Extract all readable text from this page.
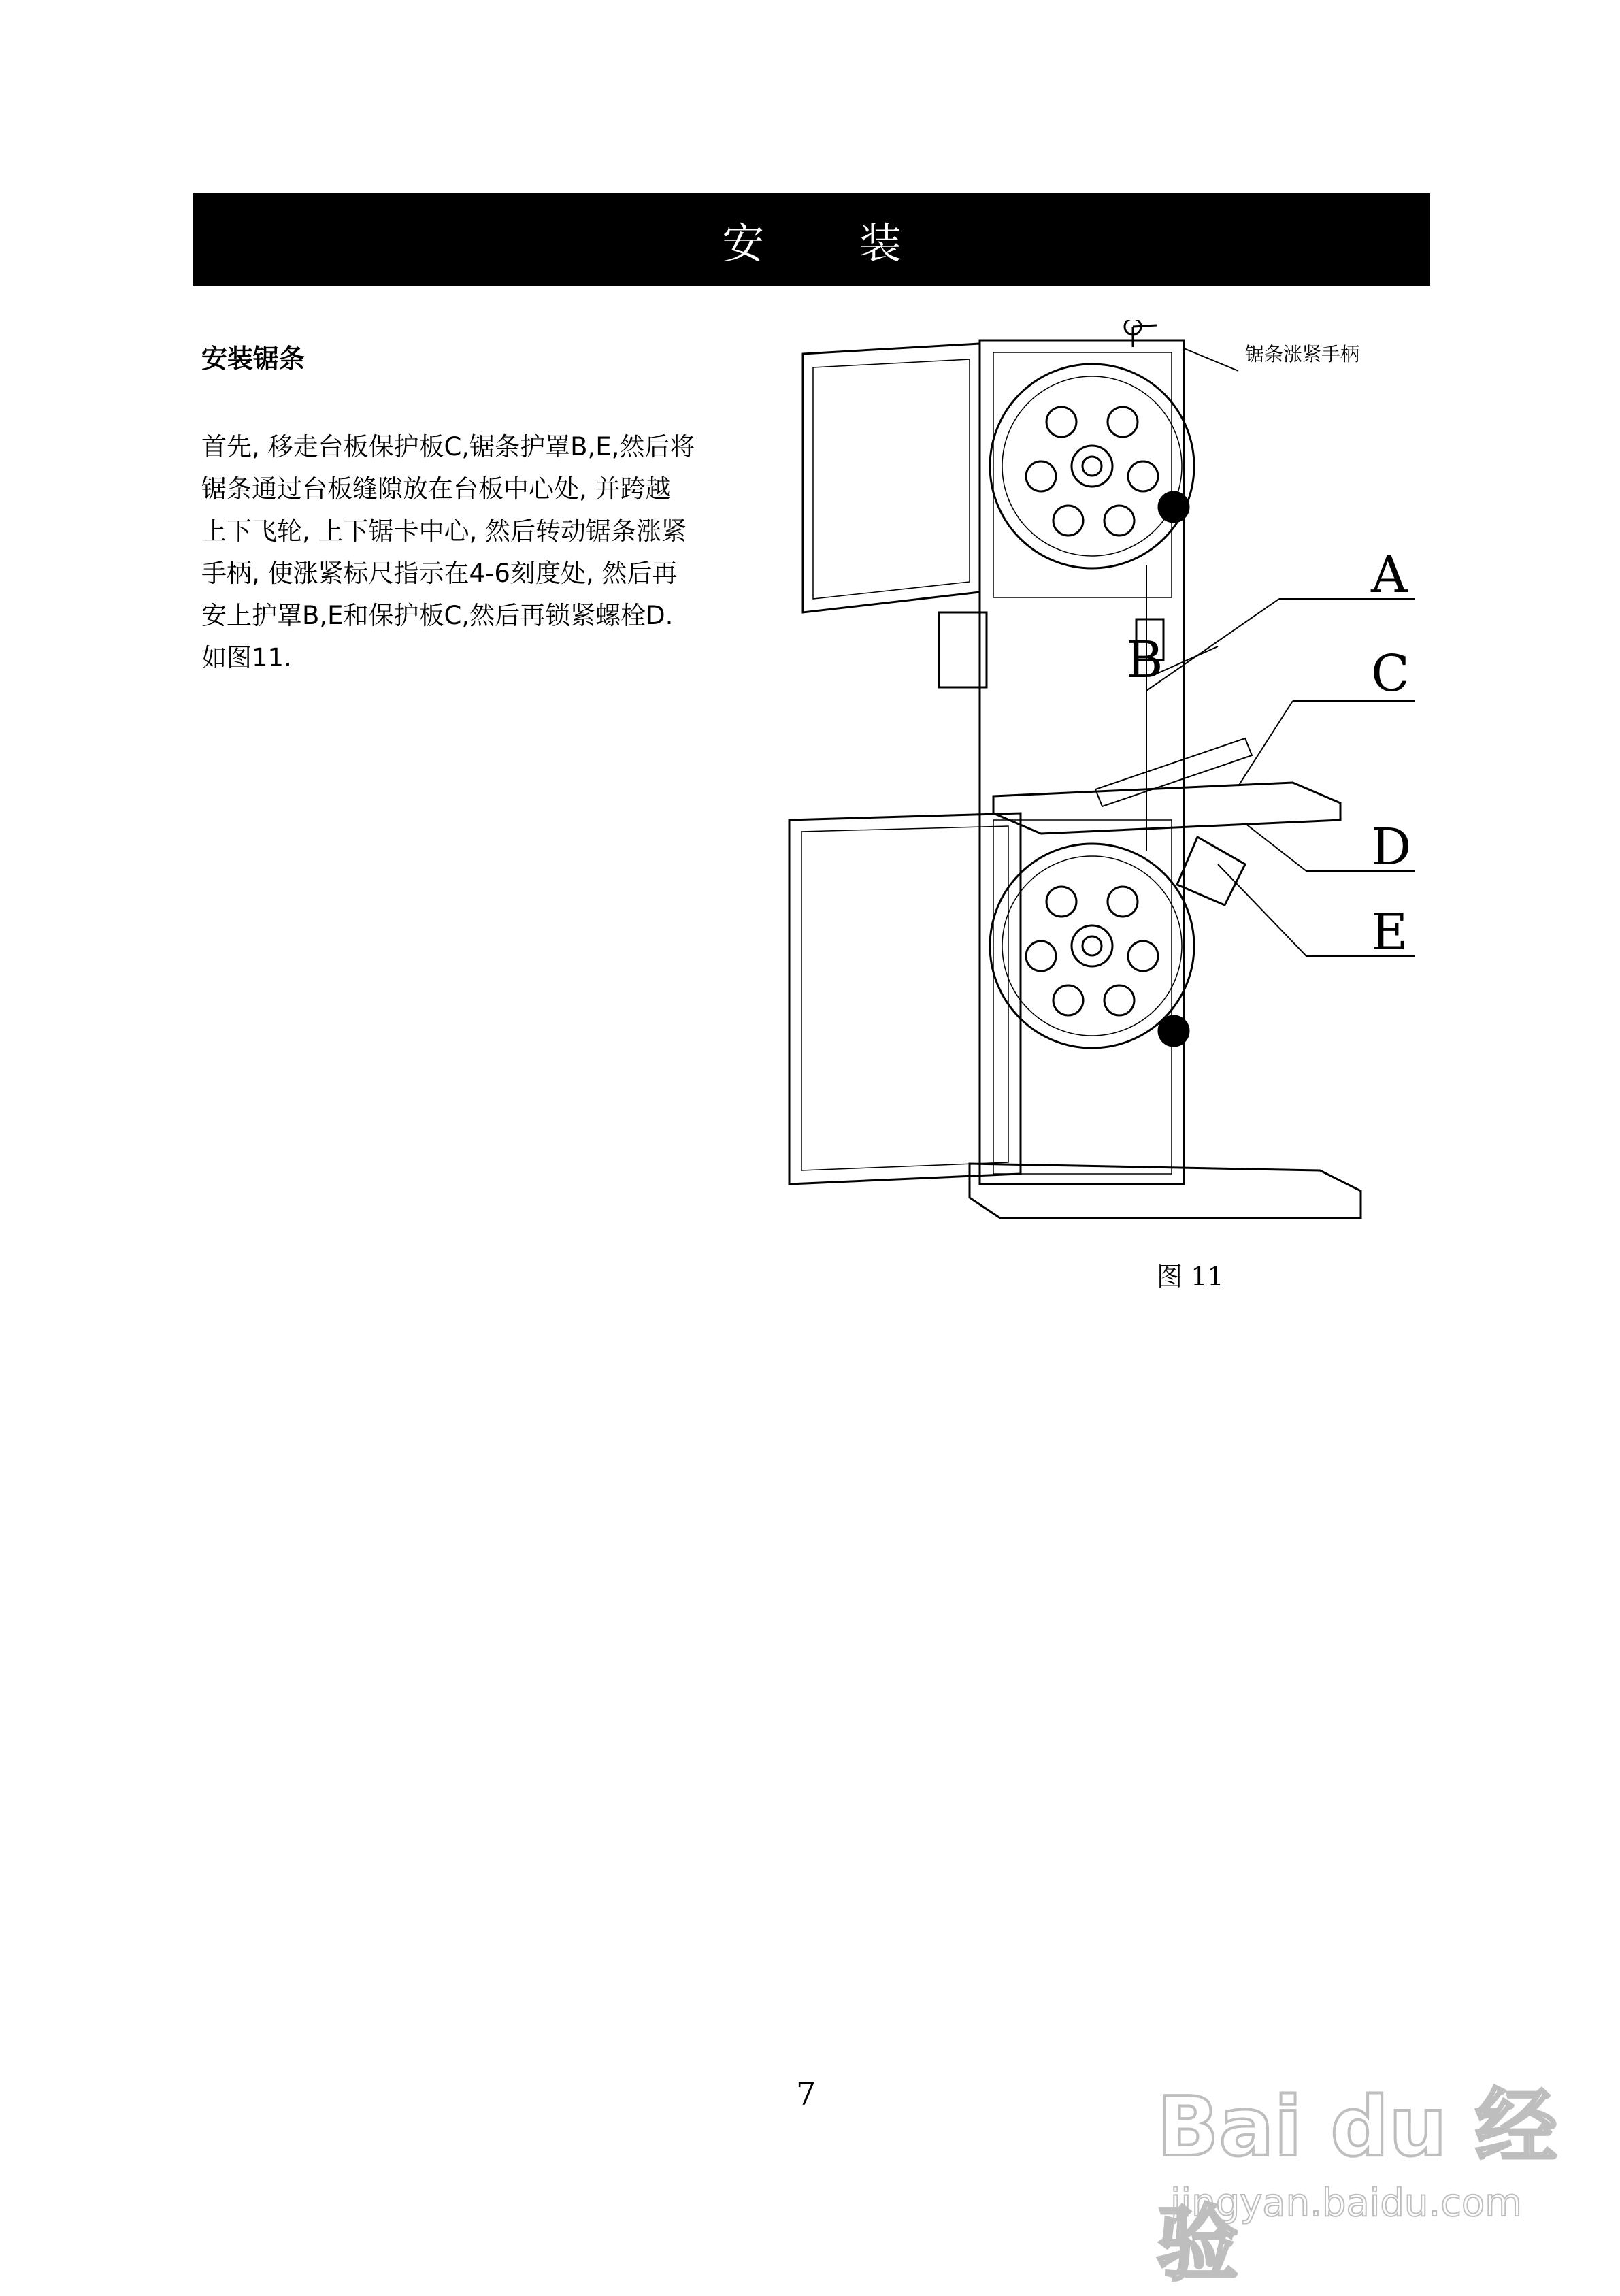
安 装
安装锯条
首先, 移走台板保护板C,锯条护罩B,E,然后将
锯条通过台板缝隙放在台板中心处, 并跨越
上下飞轮, 上下锯卡中心, 然后转动锯条涨紧
手柄, 使涨紧标尺指示在4-6刻度处, 然后再
安上护罩B,E和保护板C,然后再锁紧螺栓D.
如图11.
锯条涨紧手柄
A
B	C
D
E
图 11
7	Bai du 经验
jingyan.baidu.com
